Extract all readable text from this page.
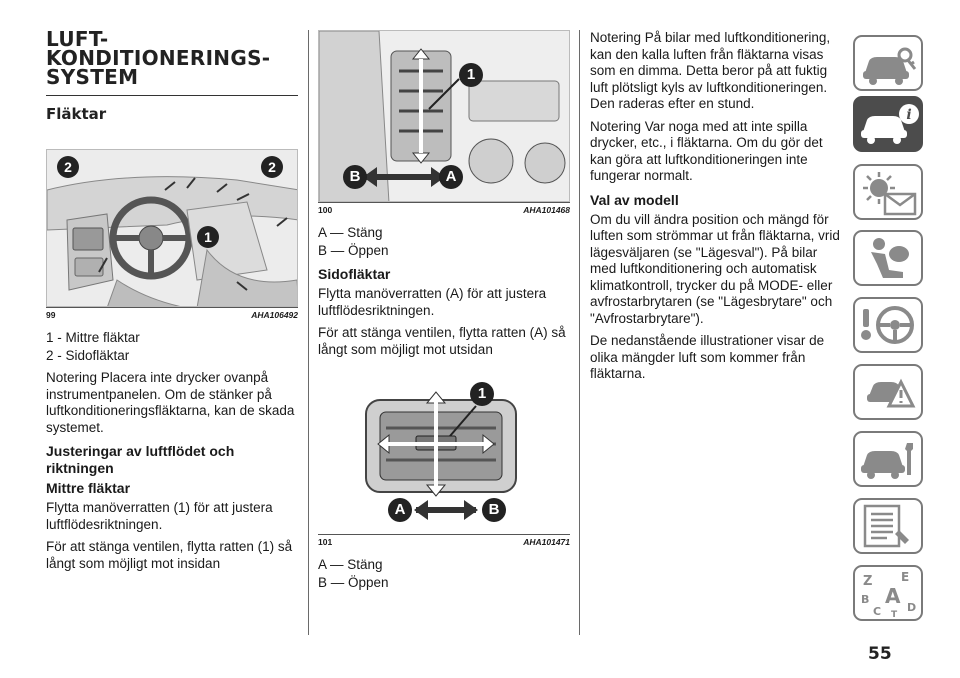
LUFT-
KONDITIONERINGS-
SYSTEM
Fläktar
2	2
1
99	AHA106492

1 - Mittre fläktar

2 - Sidofläktar

Notering Placera inte drycker ovanpå instrumentpanelen. Om de stänker på luftkonditioneringsfläktarna, kan de skada systemet.

Justeringar av luftflödet och riktningen
Mittre fläktar

Flytta manöverratten (1) för att justera luftflödesriktningen.

För att stänga ventilen, flytta ratten (1) så långt som möjligt mot insidan

1
B	A
100	AHA101468

A — Stäng

B — Öppen

Sidofläktar

Flytta manöverratten (A) för att justera luftflödesriktningen.

För att stänga ventilen, flytta ratten (A) så långt som möjligt mot utsidan

1
A	B
101	AHA101471

A — Stäng

B — Öppen

Notering På bilar med luftkonditionering, kan den kalla luften från fläktarna visas som en dimma. Detta beror på att fuktig luft plötsligt kyls av luftkonditioneringen. Den raderas efter en stund.

Notering Var noga med att inte spilla drycker, etc., i fläktarna. Om du gör det kan göra att luftkonditioneringen inte fungerar normalt.

Val av modell

Om du vill ändra position och mängd för luften som strömmar ut från fläktarna, vrid lägesväljaren (se "Lägesval"). På bilar med luftkonditionering och automatisk klimatkontroll, trycker du på MODE- eller avfrostarbrytaren (se "Lägesbrytare" och "Avfrostarbrytare").

De nedanstående illustrationer visar de olika mängder luft som kommer från fläktarna.

i
Z E
B A
C D
T
55
